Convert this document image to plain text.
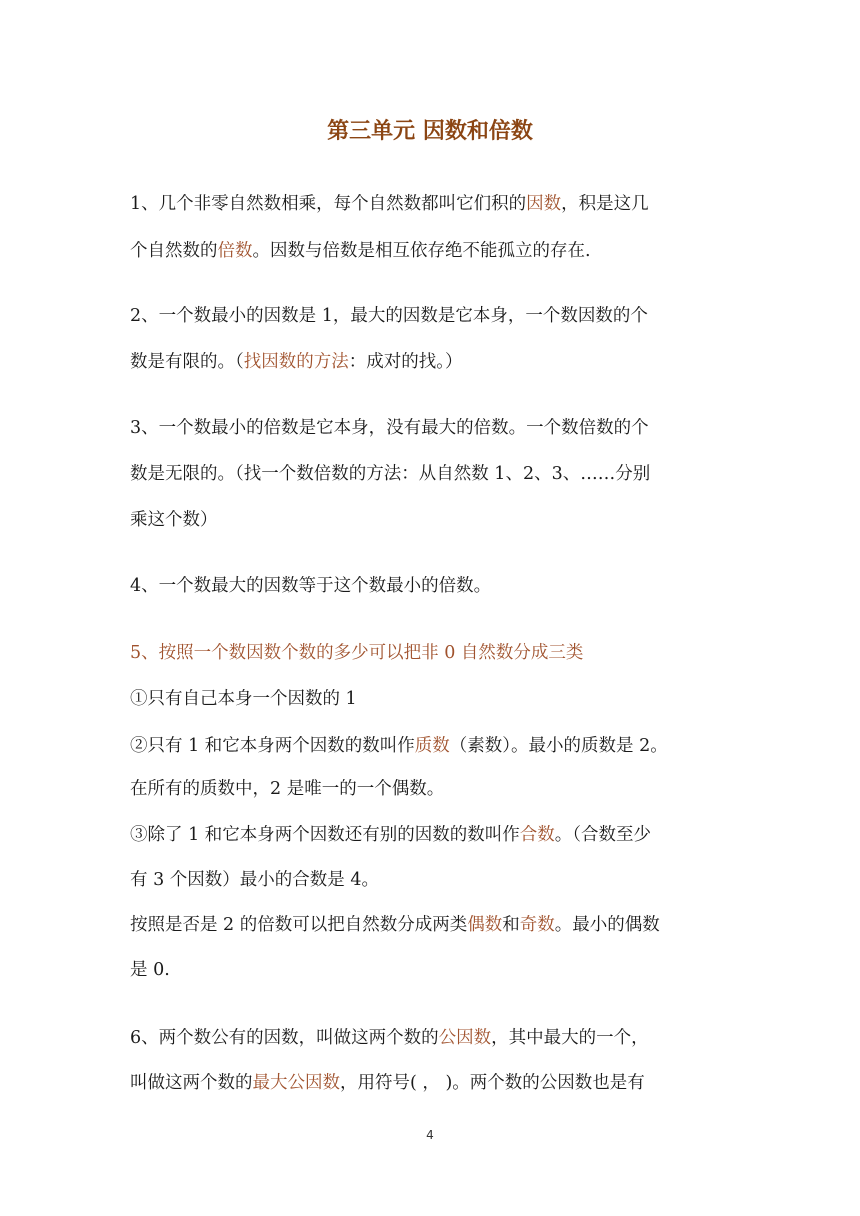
第三单元 因数和倍数
1、几个非零自然数相乘，每个自然数都叫它们积的因数，积是这几
个自然数的倍数。因数与倍数是相互依存绝不能孤立的存在.
2、一个数最小的因数是 1，最大的因数是它本身，一个数因数的个
数是有限的。（找因数的方法：成对的找。）
3、一个数最小的倍数是它本身，没有最大的倍数。一个数倍数的个
数是无限的。（找一个数倍数的方法：从自然数 1、2、3、……分别
乘这个数）
4、一个数最大的因数等于这个数最小的倍数。
5、按照一个数因数个数的多少可以把非 0 自然数分成三类
①只有自己本身一个因数的 1
②只有 1 和它本身两个因数的数叫作质数（素数）。最小的质数是 2。
在所有的质数中，2 是唯一的一个偶数。
③除了 1 和它本身两个因数还有别的因数的数叫作合数。（合数至少
有 3 个因数）最小的合数是 4。
按照是否是 2 的倍数可以把自然数分成两类偶数和奇数。最小的偶数
是 0.
6、两个数公有的因数，叫做这两个数的公因数，其中最大的一个，
叫做这两个数的最大公因数，用符号( ， )。两个数的公因数也是有
4
